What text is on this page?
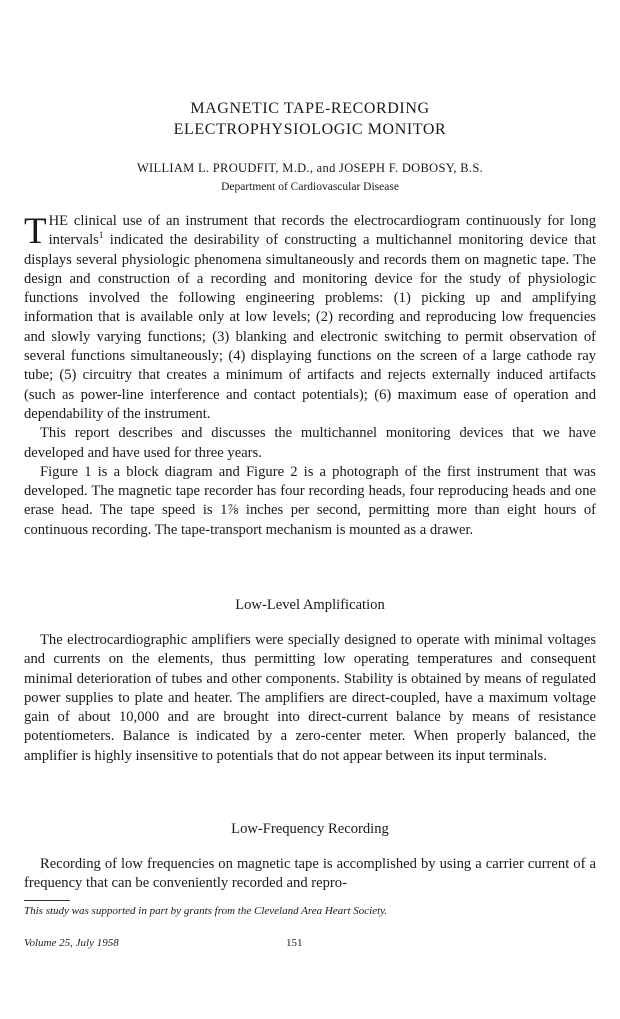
MAGNETIC TAPE-RECORDING
ELECTROPHYSIOLOGIC MONITOR
WILLIAM L. PROUDFIT, M.D., and JOSEPH F. DOBOSY, B.S.
Department of Cardiovascular Disease

THE clinical use of an instrument that records the electrocardiogram continuously for long intervals$^1$ indicated the desirability of constructing a multichannel monitoring device that displays several physiologic phenomena simultaneously and records them on magnetic tape. The design and construction of a recording and monitoring device for the study of physiologic functions involved the following engineering problems: (1) picking up and amplifying information that is available only at low levels; (2) recording and reproducing low frequencies and slowly varying functions; (3) blanking and electronic switching to permit observation of several functions simultaneously; (4) displaying functions on the screen of a large cathode ray tube; (5) circuitry that creates a minimum of artifacts and rejects externally induced artifacts (such as power-line interference and contact potentials); (6) maximum ease of operation and dependability of the instrument.

This report describes and discusses the multichannel monitoring devices that we have developed and have used for three years.

Figure 1 is a block diagram and Figure 2 is a photograph of the first instrument that was developed. The magnetic tape recorder has four recording heads, four reproducing heads and one erase head. The tape speed is 1⅞ inches per second, permitting more than eight hours of continuous recording. The tape-transport mechanism is mounted as a drawer.

Low-Level Amplification

The electrocardiographic amplifiers were specially designed to operate with minimal voltages and currents on the elements, thus permitting low operating temperatures and consequent minimal deterioration of tubes and other components. Stability is obtained by means of regulated power supplies to plate and heater. The amplifiers are direct-coupled, have a maximum voltage gain of about 10,000 and are brought into direct-current balance by means of resistance potentiometers. Balance is indicated by a zero-center meter. When properly balanced, the amplifier is highly insensitive to potentials that do not appear between its input terminals.

Low-Frequency Recording

Recording of low frequencies on magnetic tape is accomplished by using a carrier current of a frequency that can be conveniently recorded and repro-

This study was supported in part by grants from the Cleveland Area Heart Society.
Volume 25, July 1958	151
